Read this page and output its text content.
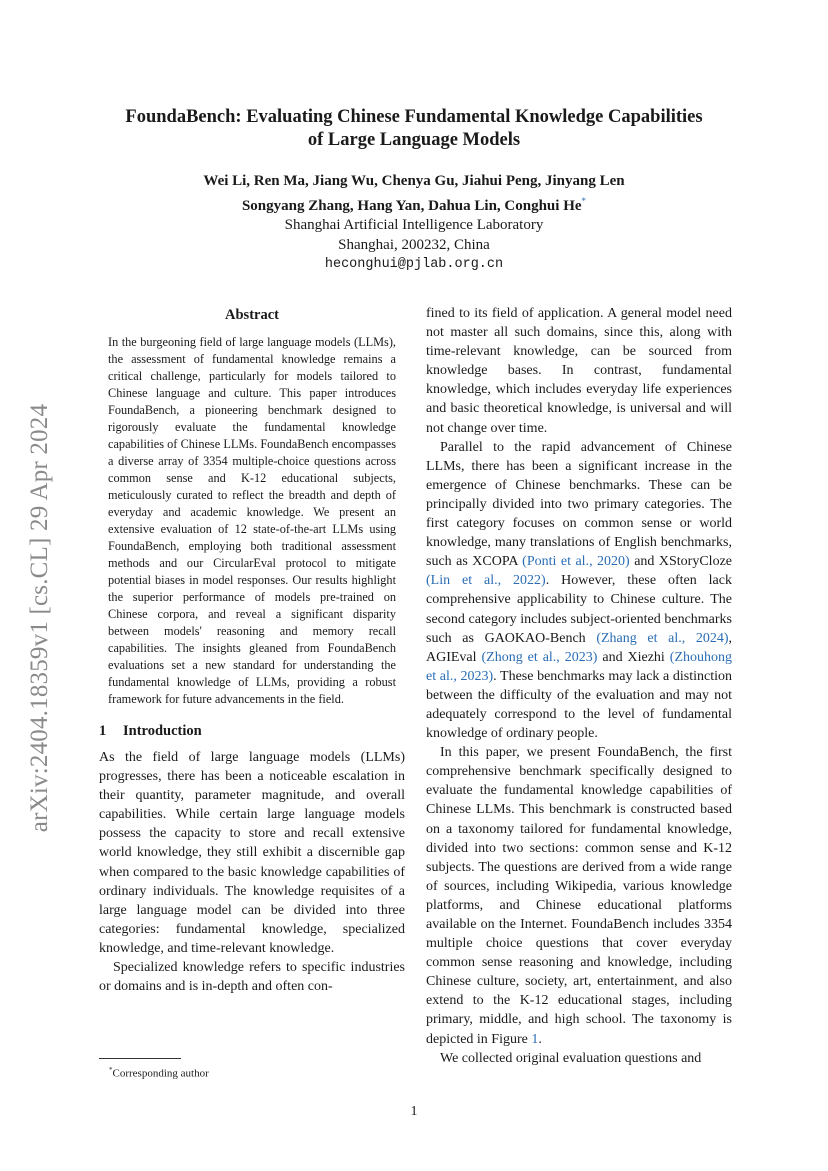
arXiv:2404.18359v1 [cs.CL] 29 Apr 2024
FoundaBench: Evaluating Chinese Fundamental Knowledge Capabilities
of Large Language Models
Wei Li, Ren Ma, Jiang Wu, Chenya Gu, Jiahui Peng, Jinyang Len
Songyang Zhang, Hang Yan, Dahua Lin, Conghui He*
Shanghai Artificial Intelligence Laboratory
Shanghai, 200232, China
heconghui@pjlab.org.cn
Abstract
In the burgeoning field of large language models (LLMs), the assessment of fundamental knowledge remains a critical challenge, particularly for models tailored to Chinese language and culture. This paper introduces FoundaBench, a pioneering benchmark designed to rigorously evaluate the fundamental knowledge capabilities of Chinese LLMs. FoundaBench encompasses a diverse array of 3354 multiple-choice questions across common sense and K-12 educational subjects, meticulously curated to reflect the breadth and depth of everyday and academic knowledge. We present an extensive evaluation of 12 state-of-the-art LLMs using FoundaBench, employing both traditional assessment methods and our CircularEval protocol to mitigate potential biases in model responses. Our results highlight the superior performance of models pre-trained on Chinese corpora, and reveal a significant disparity between models' reasoning and memory recall capabilities. The insights gleaned from FoundaBench evaluations set a new standard for understanding the fundamental knowledge of LLMs, providing a robust framework for future advancements in the field.
1 Introduction

As the field of large language models (LLMs) progresses, there has been a noticeable escalation in their quantity, parameter magnitude, and overall capabilities. While certain large language models possess the capacity to store and recall extensive world knowledge, they still exhibit a discernible gap when compared to the basic knowledge capabilities of ordinary individuals. The knowledge requisites of a large language model can be divided into three categories: fundamental knowledge, specialized knowledge, and time-relevant knowledge.

Specialized knowledge refers to specific industries or domains and is in-depth and often con-

fined to its field of application. A general model need not master all such domains, since this, along with time-relevant knowledge, can be sourced from knowledge bases. In contrast, fundamental knowledge, which includes everyday life experiences and basic theoretical knowledge, is universal and will not change over time.

Parallel to the rapid advancement of Chinese LLMs, there has been a significant increase in the emergence of Chinese benchmarks. These can be principally divided into two primary categories. The first category focuses on common sense or world knowledge, many translations of English benchmarks, such as XCOPA (Ponti et al., 2020) and XStoryCloze (Lin et al., 2022). However, these often lack comprehensive applicability to Chinese culture. The second category includes subject-oriented benchmarks such as GAOKAO-Bench (Zhang et al., 2024), AGIEval (Zhong et al., 2023) and Xiezhi (Zhouhong et al., 2023). These benchmarks may lack a distinction between the difficulty of the evaluation and may not adequately correspond to the level of fundamental knowledge of ordinary people.

In this paper, we present FoundaBench, the first comprehensive benchmark specifically designed to evaluate the fundamental knowledge capabilities of Chinese LLMs. This benchmark is constructed based on a taxonomy tailored for fundamental knowledge, divided into two sections: common sense and K-12 subjects. The questions are derived from a wide range of sources, including Wikipedia, various knowledge platforms, and Chinese educational platforms available on the Internet. FoundaBench includes 3354 multiple choice questions that cover everyday common sense reasoning and knowledge, including Chinese culture, society, art, entertainment, and also extend to the K-12 educational stages, including primary, middle, and high school. The taxonomy is depicted in Figure 1.

We collected original evaluation questions and

*Corresponding author
1
